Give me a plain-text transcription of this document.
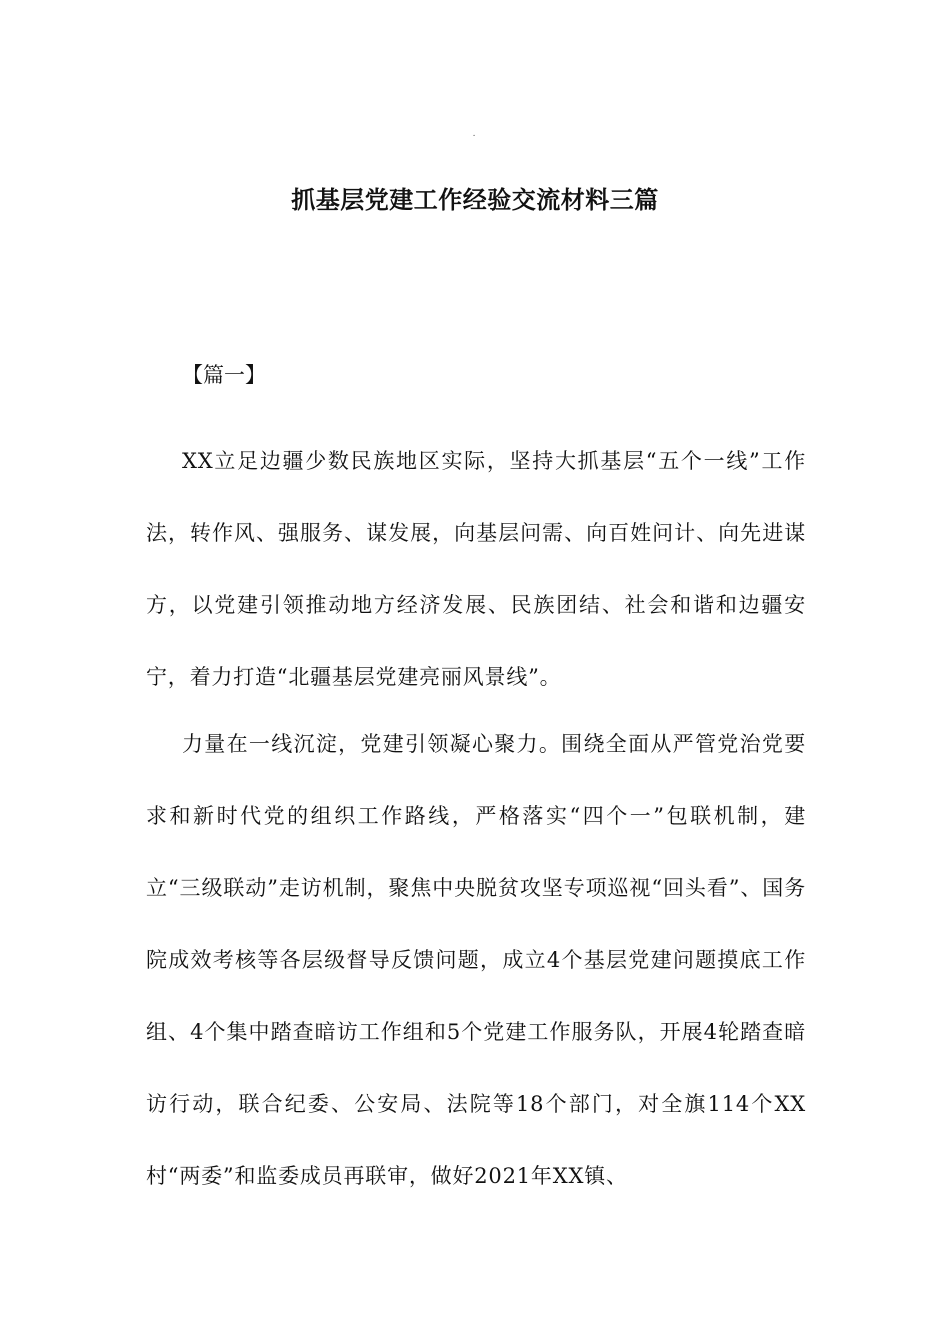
.
抓基层党建工作经验交流材料三篇
【篇一】

XX立足边疆少数民族地区实际，坚持大抓基层“五个一线”工作法，转作风、强服务、谋发展，向基层问需、向百姓问计、向先进谋方，以党建引领推动地方经济发展、民族团结、社会和谐和边疆安宁，着力打造“北疆基层党建亮丽风景线”。

力量在一线沉淀，党建引领凝心聚力。围绕全面从严管党治党要求和新时代党的组织工作路线，严格落实“四个一”包联机制，建立“三级联动”走访机制，聚焦中央脱贫攻坚专项巡视“回头看”、国务院成效考核等各层级督导反馈问题，成立4个基层党建问题摸底工作组、4个集中踏查暗访工作组和5个党建工作服务队，开展4轮踏查暗访行动，联合纪委、公安局、法院等18个部门，对全旗114个XX村“两委”和监委成员再联审，做好2021年XX镇、
